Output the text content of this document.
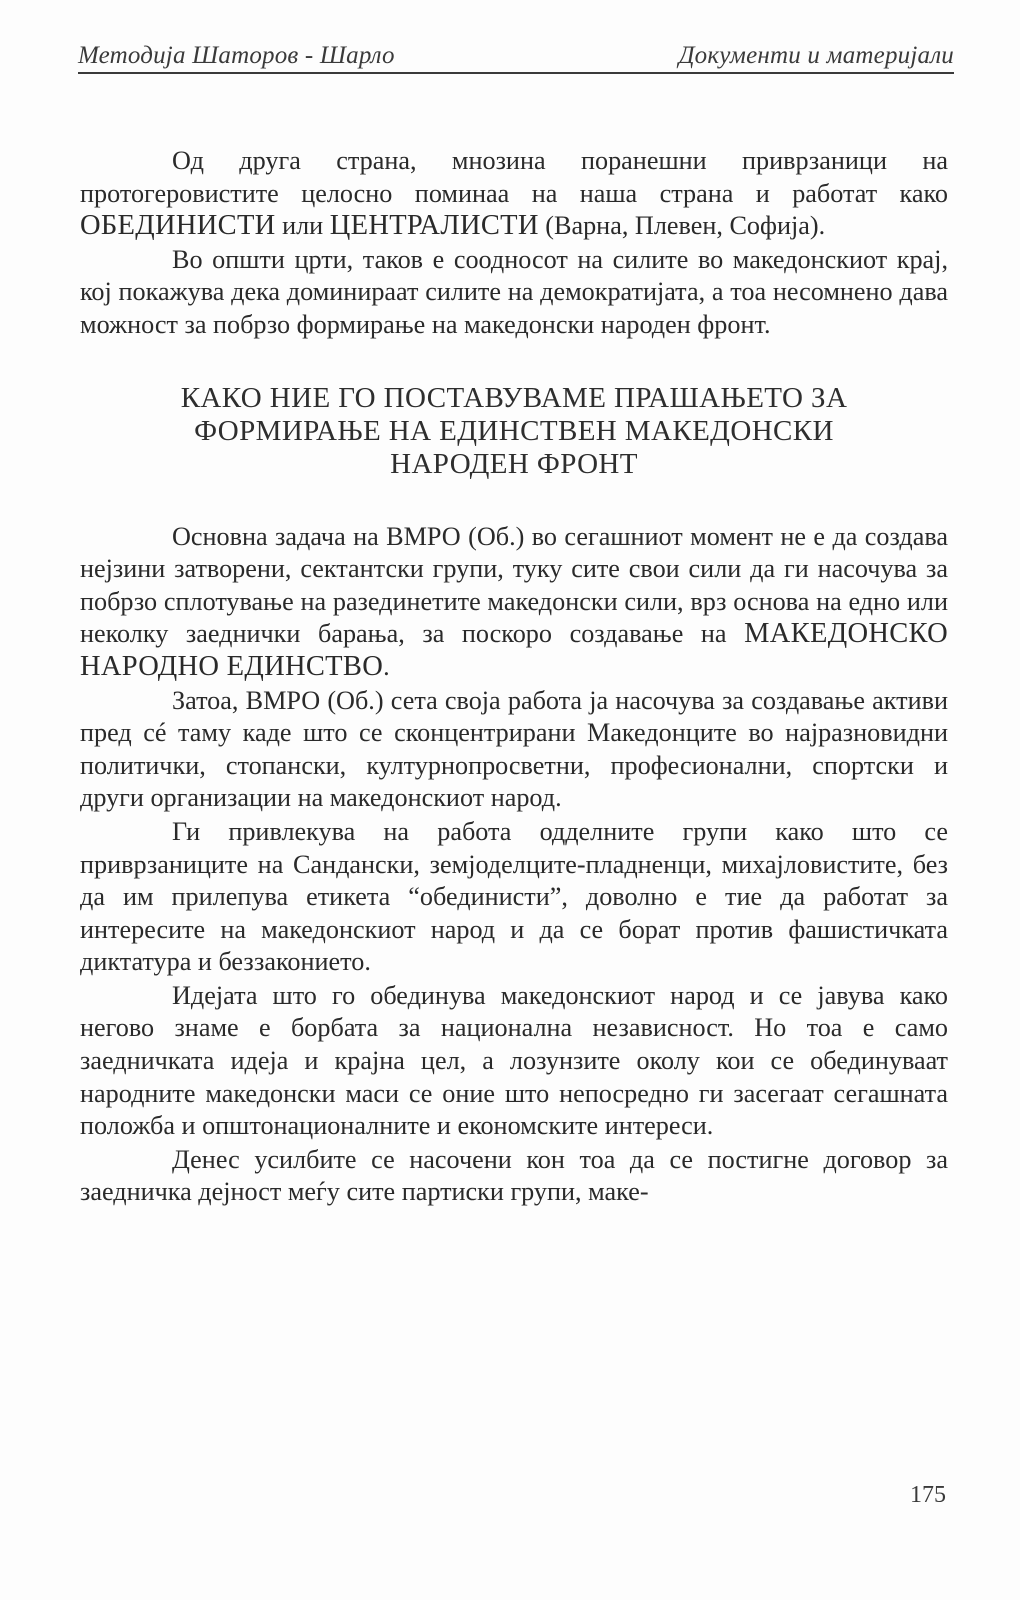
Методија Шаторов - Шарло	Документи и материјали

Од друга страна, мнозина поранешни приврзаници на протогеровистите целосно поминаа на наша страна и работат како ОБЕДИНИСТИ или ЦЕНТРАЛИСТИ (Варна, Плевен, Софија).

Во општи црти, таков е соодносот на силите во македонскиот крај, кој покажува дека доминираат силите на демократијата, а тоа несомнено дава можност за побрзо формирање на македонски народен фронт.

КАКО НИЕ ГО ПОСТАВУВАМЕ ПРАШАЊЕТО ЗА
ФОРМИРАЊЕ НА ЕДИНСТВЕН МАКЕДОНСКИ
НАРОДЕН ФРОНТ

Основна задача на ВМРО (Об.) во сегашниот момент не е да создава нејзини затворени, сектантски групи, туку сите свои сили да ги насочува за побрзо сплотување на разединетите македонски сили, врз основа на едно или неколку заеднички барања, за поскоро создавање на МАКЕДОНСКО НАРОДНО ЕДИНСТВО.

Затоа, ВМРО (Об.) сета своја работа ја насочува за создавање активи пред сé таму каде што се сконцентрирани Македонците во најразновидни политички, стопански, културнопросветни, професионални, спортски и други организации на македонскиот народ.

Ги привлекува на работа одделните групи како што се приврзаниците на Сандански, земјоделците-пладненци, михајловистите, без да им прилепува етикета “обединисти”, доволно е тие да работат за интересите на македонскиот народ и да се борат против фашистичката диктатура и беззаконието.

Идејата што го обединува македонскиот народ и се јавува како негово знаме е борбата за национална независност. Но тоа е само заедничката идеја и крајна цел, а лозунзите околу кои се обединуваат народните македонски маси се оние што непосредно ги засегаат сегашната положба и општонационалните и економските интереси.

Денес усилбите се насочени кон тоа да се постигне договор за заедничка дејност меѓу сите партиски групи, маке-

175
